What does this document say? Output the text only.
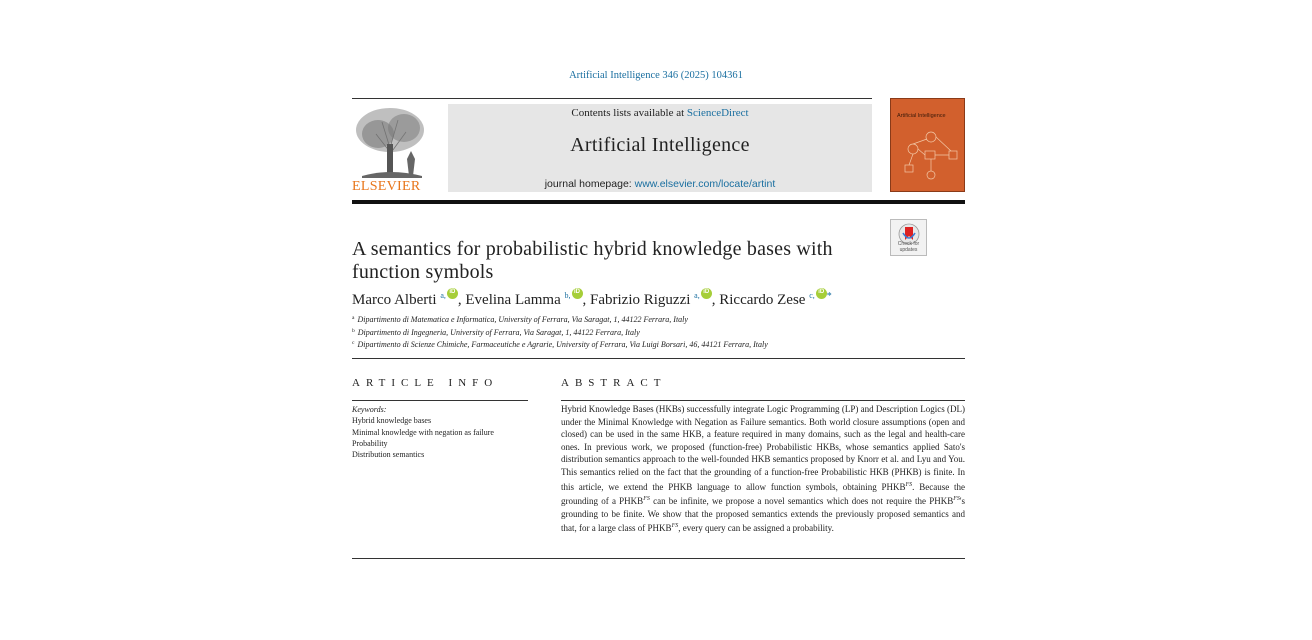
Artificial Intelligence 346 (2025) 104361
ELSEVIER
Contents lists available at ScienceDirect
Artificial Intelligence
journal homepage: www.elsevier.com/locate/artint
Artificial Intelligence
Check for updates
A semantics for probabilistic hybrid knowledge bases with function symbols
Marco Alberti $^{a,}$ iD , Evelina Lamma $^{b,}$ iD , Fabrizio Riguzzi $^{a,}$ iD , Riccardo Zese $^{c,}$ iD *
$^a$ Dipartimento di Matematica e Informatica, University of Ferrara, Via Saragat, 1, 44122 Ferrara, Italy
$^b$ Dipartimento di Ingegneria, University of Ferrara, Via Saragat, 1, 44122 Ferrara, Italy
$^c$ Dipartimento di Scienze Chimiche, Farmaceutiche e Agrarie, University of Ferrara, Via Luigi Borsari, 46, 44121 Ferrara, Italy
ARTICLE INFO	ABSTRACT
Keywords:
Hybrid knowledge bases
Minimal knowledge with negation as failure
Probability
Distribution semantics
Hybrid Knowledge Bases (HKBs) successfully integrate Logic Programming (LP) and Description Logics (DL) under the Minimal Knowledge with Negation as Failure semantics. Both world closure assumptions (open and closed) can be used in the same HKB, a feature required in many domains, such as the legal and health-care ones. In previous work, we proposed (function-free) Probabilistic HKBs, whose semantics applied Sato's distribution semantics approach to the well-founded HKB semantics proposed by Knorr et al. and Lyu and You. This semantics relied on the fact that the grounding of a function-free Probabilistic HKB (PHKB) is finite. In this article, we extend the PHKB language to allow function symbols, obtaining $PHKB^{FS}$. Because the grounding of a $PHKB^{FS}$ can be infinite, we propose a novel semantics which does not require the $PHKB^{FS}'s$ grounding to be finite. We show that the proposed semantics extends the previously proposed semantics and that, for a large class of $PHKB^{FS}$, every query can be assigned a probability.
